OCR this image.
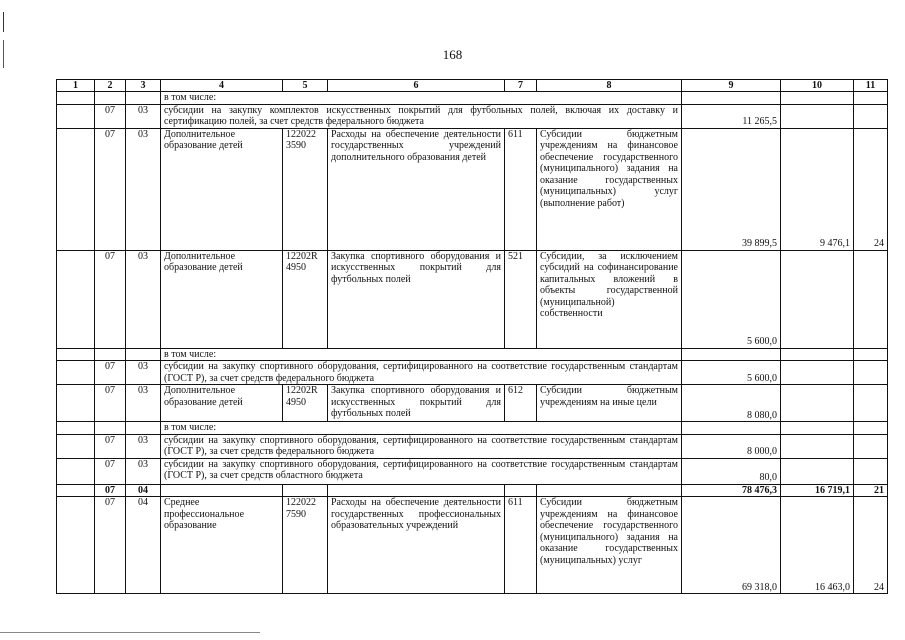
168
1	2	3	4	5	6	7	8	9	10	11
			в том числе:							
	07	03	субсидии на закупку комплектов искусственных покрытий для футбольных полей, включая их доставку и сертификацию полей, за счет средств федерального бюджета					11 265,5		
	07	03	Дополнительное образование детей	122022 3590	Расходы на обеспечение деятельности государственных учреждений дополнительного образования детей	611	Субсидии бюджетным учреждениям на финансовое обеспечение государственного (муниципального) задания на оказание государственных (муниципальных) услуг (выполнение работ)	39 899,5	9 476,1	24
	07	03	Дополнительное образование детей	12202R 4950	Закупка спортивного оборудования и искусственных покрытий для футбольных полей	521	Субсидии, за исключением субсидий на софинансирование капитальных вложений в объекты государственной (муниципальной) собственности	5 600,0		
			в том числе:							
	07	03	субсидии на закупку спортивного оборудования, сертифицированного на соответствие государственным стандартам (ГОСТ Р), за счет средств федерального бюджета					5 600,0		
	07	03	Дополнительное образование детей	12202R 4950	Закупка спортивного оборудования и искусственных покрытий для футбольных полей	612	Субсидии бюджетным учреждениям на иные цели	8 080,0		
			в том числе:							
	07	03	субсидии на закупку спортивного оборудования, сертифицированного на соответствие государственным стандартам (ГОСТ Р), за счет средств федерального бюджета					8 000,0		
	07	03	субсидии на закупку спортивного оборудования, сертифицированного на соответствие государственным стандартам (ГОСТ Р), за счет средств областного бюджета					80,0		
	07	04						78 476,3	16 719,1	21
	07	04	Среднее профессиональное образование	122022 7590	Расходы на обеспечение деятельности государственных профессиональных образовательных учреждений	611	Субсидии бюджетным учреждениям на финансовое обеспечение государственного (муниципального) задания на оказание государственных (муниципальных) услуг	69 318,0	16 463,0	24
